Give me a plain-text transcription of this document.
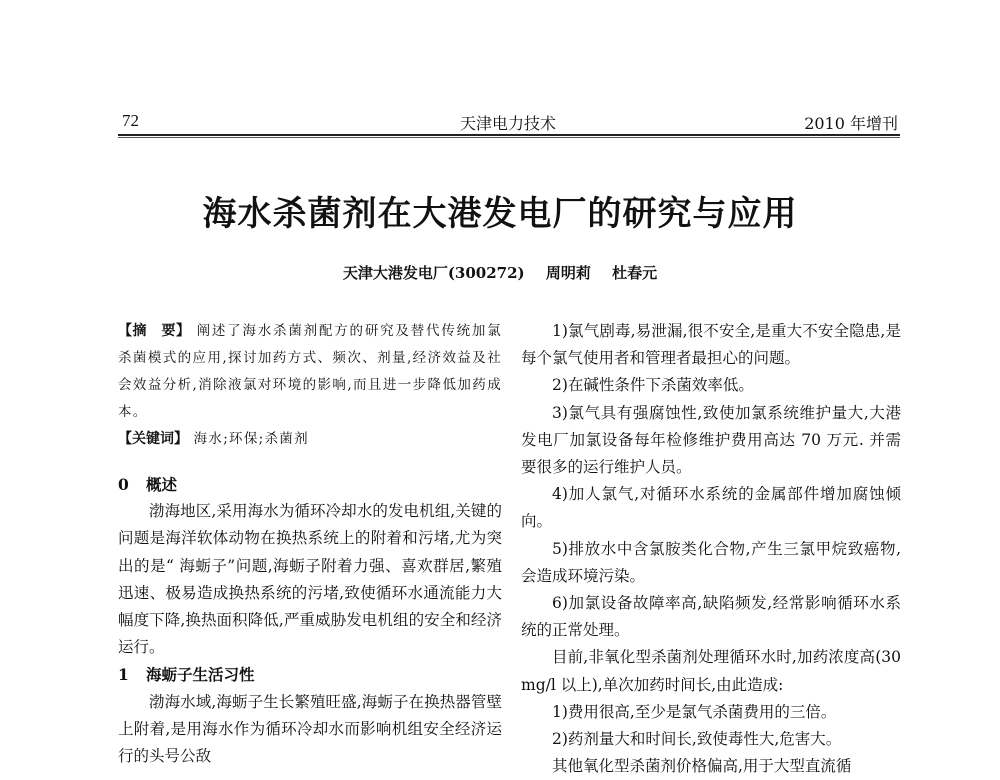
72	天津电力技术	2010 年增刊
海水杀菌剂在大港发电厂的研究与应用
天津大港发电厂(300272) 周明莉 杜春元

【摘　要】 阐述了海水杀菌剂配方的研究及替代传统加氯杀菌模式的应用,探讨加药方式、频次、剂量,经济效益及社会效益分析,消除液氯对环境的影响,而且进一步降低加药成本。

【关键词】 海水;环保;杀菌剂

0 概述

渤海地区,采用海水为循环冷却水的发电机组,关键的问题是海洋软体动物在换热系统上的附着和污堵,尤为突出的是“ 海蛎子”问题,海蛎子附着力强、喜欢群居,繁殖迅速、极易造成换热系统的污堵,致使循环水通流能力大幅度下降,换热面积降低,严重威胁发电机组的安全和经济运行。

1 海蛎子生活习性

渤海水域,海蛎子生长繁殖旺盛,海蛎子在换热器管壁上附着,是用海水作为循环冷却水而影响机组安全经济运行的头号公敌

1)氯气剧毒,易泄漏,很不安全,是重大不安全隐患,是每个氯气使用者和管理者最担心的问题。

2)在碱性条件下杀菌效率低。

3)氯气具有强腐蚀性,致使加氯系统维护量大,大港发电厂加氯设备每年检修维护费用高达 70 万元. 并需要很多的运行维护人员。

4)加人氯气,对循环水系统的金属部件增加腐蚀倾向。

5)排放水中含氯胺类化合物,产生三氯甲烷致癌物,会造成环境污染。

6)加氯设备故障率高,缺陷频发,经常影响循环水系统的正常处理。

目前,非氧化型杀菌剂处理循环水时,加药浓度高(30 mg/l 以上),单次加药时间长,由此造成:

1)费用很高,至少是氯气杀菌费用的三倍。

2)药剂量大和时间长,致使毒性大,危害大。

其他氧化型杀菌剂价格偏高,用于大型直流循
